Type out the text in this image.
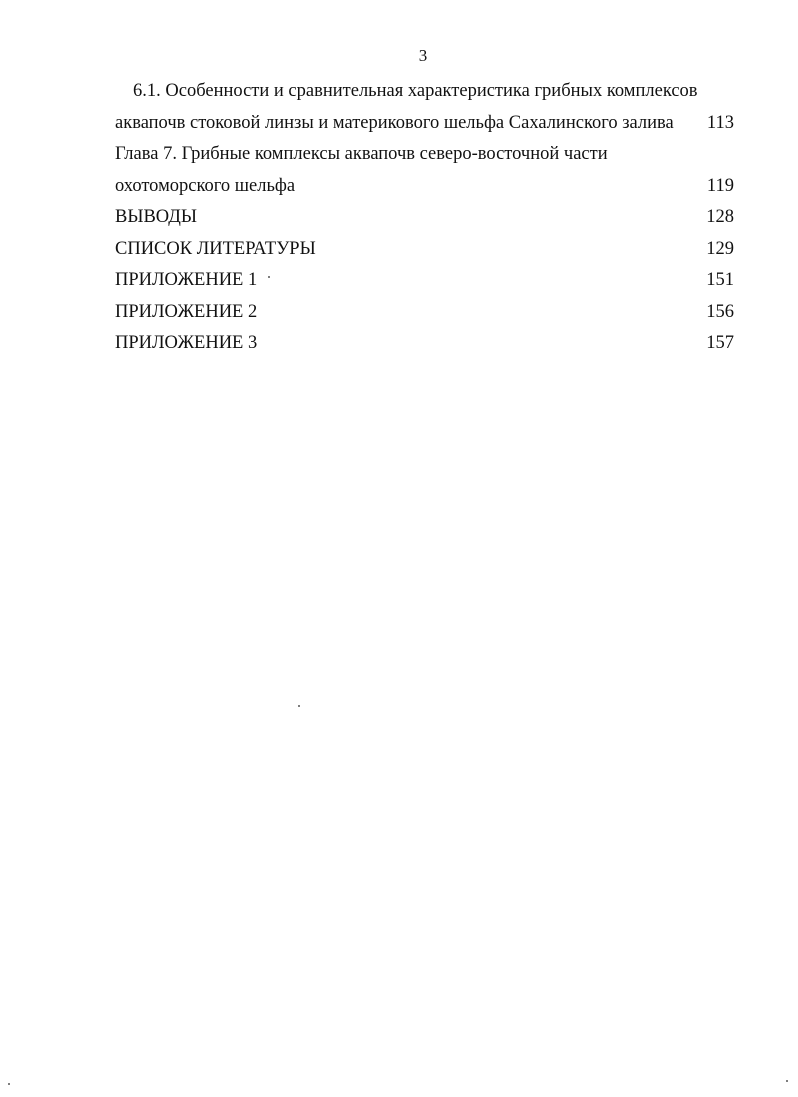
3
6.1. Особенности и сравнительная характеристика грибных комплексов
аквапочв стоковой линзы и материкового шельфа Сахалинского залива	113
Глава 7. Грибные комплексы аквапочв северо-восточной части
охотоморского шельфа	119
ВЫВОДЫ	128
СПИСОК ЛИТЕРАТУРЫ	129
ПРИЛОЖЕНИЕ 1	151
ПРИЛОЖЕНИЕ 2	156
ПРИЛОЖЕНИЕ 3	157
